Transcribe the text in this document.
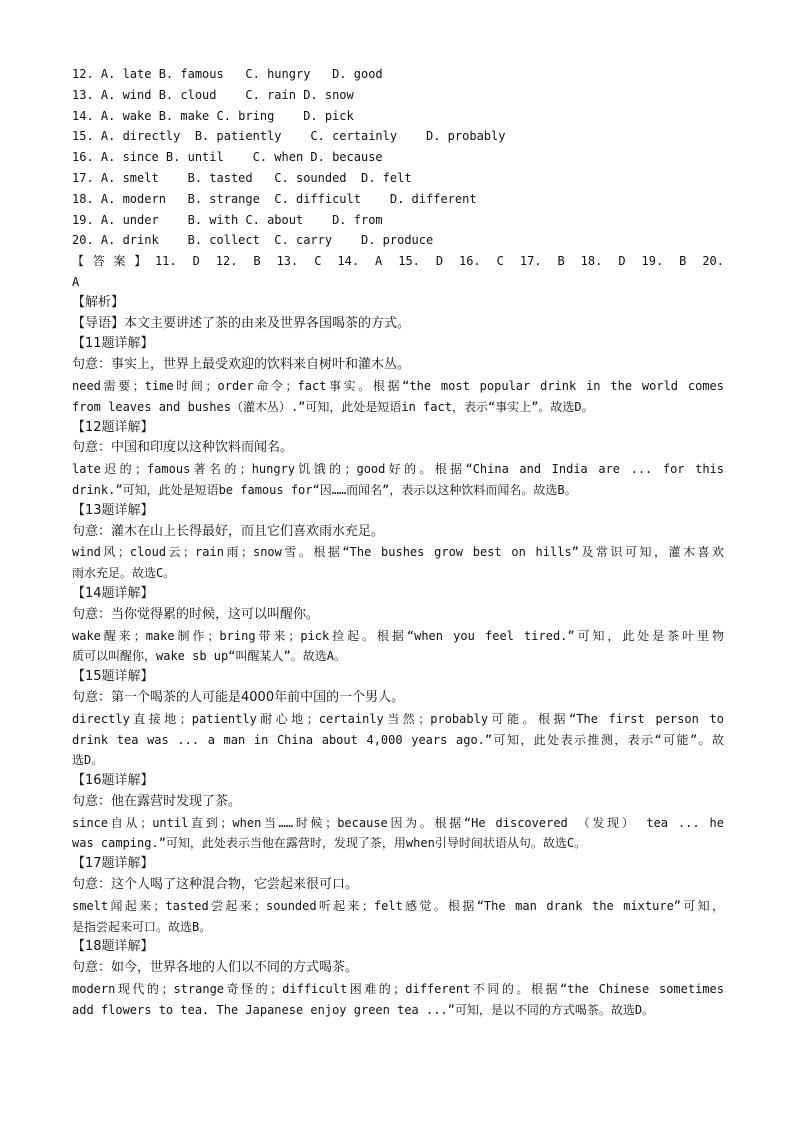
12. A. late B. famous   C. hungry   D. good
13. A. wind B. cloud    C. rain D. snow
14. A. wake B. make C. bring    D. pick
15. A. directly  B. patiently    C. certainly    D. probably
16. A. since B. until    C. when D. because
17. A. smelt    B. tasted   C. sounded  D. felt
18. A. modern   B. strange  C. difficult    D. different
19. A. under    B. with C. about    D. from
20. A. drink    B. collect  C. carry    D. produce
【答案】11. D 12. B 13. C 14. A 15. D 16. C 17. B 18. D 19. B 20.
A
【解析】
【导语】本文主要讲述了茶的由来及世界各国喝茶的方式。
【11题详解】
句意：事实上，世界上最受欢迎的饮料来自树叶和灌木丛。
need需要；time时间；order命令；fact事实。根据“the most popular drink in the world comes
from leaves and bushes（灌木丛）.”可知，此处是短语in fact，表示“事实上”。故选D。
【12题详解】
句意：中国和印度以这种饮料而闻名。
late迟的；famous著名的；hungry饥饿的；good好的。根据“China and India are ... for this
drink.”可知，此处是短语be famous for“因……而闻名”，表示以这种饮料而闻名。故选B。
【13题详解】
句意：灌木在山上长得最好，而且它们喜欢雨水充足。
wind风；cloud云；rain雨；snow雪。根据“The bushes grow best on hills”及常识可知，灌木喜欢
雨水充足。故选C。
【14题详解】
句意：当你觉得累的时候，这可以叫醒你。
wake醒来；make制作；bring带来；pick捡起。根据“when you feel tired.”可知，此处是茶叶里物
质可以叫醒你，wake sb up“叫醒某人”。故选A。
【15题详解】
句意：第一个喝茶的人可能是4000年前中国的一个男人。
directly直接地；patiently耐心地；certainly当然；probably可能。根据“The first person to
drink tea was ... a man in China about 4,000 years ago.”可知，此处表示推测，表示“可能”。故
选D。
【16题详解】
句意：他在露营时发现了茶。
since自从；until直到；when当……时候；because因为。根据“He discovered （发现） tea ... he
was camping.”可知，此处表示当他在露营时，发现了茶，用when引导时间状语从句。故选C。
【17题详解】
句意：这个人喝了这种混合物，它尝起来很可口。
smelt闻起来；tasted尝起来；sounded听起来；felt感觉。根据“The man drank the mixture”可知，
是指尝起来可口。故选B。
【18题详解】
句意：如今，世界各地的人们以不同的方式喝茶。
modern现代的；strange奇怪的；difficult困难的；different不同的。根据“the Chinese sometimes
add flowers to tea. The Japanese enjoy green tea ...”可知，是以不同的方式喝茶。故选D。
